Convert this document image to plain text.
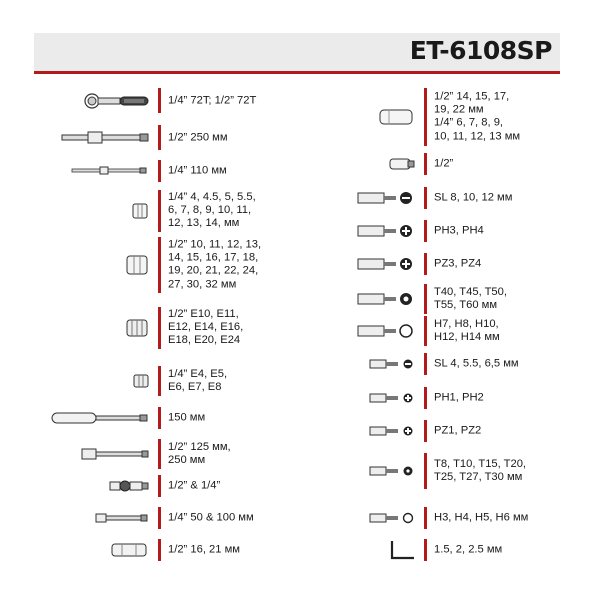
ET-6108SP
1/4” 72T; 1/2” 72T
1/2” 250 мм
1/4” 110 мм
1/4” 4, 4.5, 5, 5.5,
6, 7, 8, 9, 10, 11,
12, 13, 14, мм
1/2” 10, 11, 12, 13,
14, 15, 16, 17, 18,
19, 20, 21, 22, 24,
27, 30, 32 мм
1/2” E10, E11,
E12, E14, E16,
E18, E20, E24
1/4” E4, E5,
E6, E7, E8
150 мм
1/2” 125 мм,
250 мм
1/2” & 1/4”
1/4” 50 & 100 мм
1/2” 16, 21 мм
1/2” 14, 15, 17,
19, 22 мм
1/4” 6, 7, 8, 9,
10, 11, 12, 13 мм
1/2”
SL 8, 10, 12 мм
PH3, PH4
PZ3, PZ4
T40, T45, T50,
T55, T60 мм
H7, H8, H10,
H12, H14 мм
SL 4, 5.5, 6,5 мм
PH1, PH2
PZ1, PZ2
T8, T10, T15, T20,
T25, T27, T30 мм
H3, H4, H5, H6 мм
1.5, 2, 2.5 мм
